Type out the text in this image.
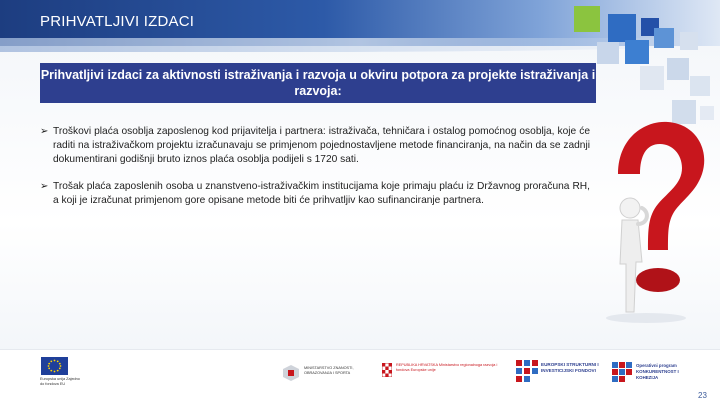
PRIHVATLJIVI IZDACI
Prihvatljivi izdaci za aktivnosti istraživanja i razvoja u okviru potpora za projekte istraživanja i razvoja:
➢ Troškovi plaća osoblja zaposlenog kod prijavitelja i partnera: istraživača, tehničara i ostalog pomoćnog osoblja, koje će raditi na istraživačkom projektu izračunavaju se primjenom pojednostavljene metode financiranja, na način da se zadnji dokumentirani godišnji bruto iznos plaća osoblja podijeli s 1720 sati.
➢ Trošak plaća zaposlenih osoba u znanstveno-istraživačkim institucijama koje primaju plaću iz Državnog proračuna RH, a koji je izračunat primjenom gore opisane metode biti će prihvatljiv kao sufinanciranje partnera.
Europska unija Zajedno do fondova EU
MINISTARSTVO ZNANOSTI, OBRAZOVANJA I SPORTA
REPUBLIKA HRVATSKA Ministarstvo regionalnoga razvoja i fondova Europske unije
EUROPSKI STRUKTURNI I INVESTICIJSKI FONDOVI
Operativni program KONKURENTNOST I KOHEZIJA
23
